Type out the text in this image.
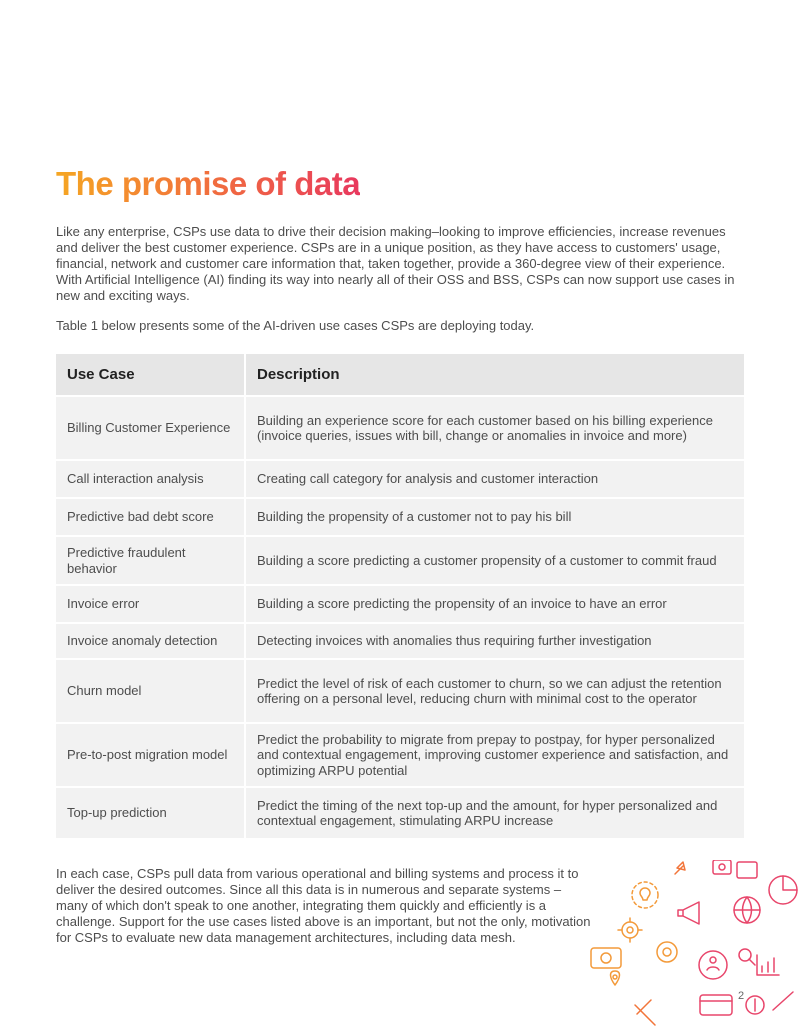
The promise of data

Like any enterprise, CSPs use data to drive their decision making–looking to improve efficiencies, increase revenues and deliver the best customer experience. CSPs are in a unique position, as they have access to customers' usage, financial, network and customer care information that, taken together, provide a 360-degree view of their experience. With Artificial Intelligence (AI) finding its way into nearly all of their OSS and BSS, CSPs can now support use cases in new and exciting ways.

Table 1 below presents some of the AI-driven use cases CSPs are deploying today.

Use Case	Description
Billing Customer Experience	Building an experience score for each customer based on his billing experience (invoice queries, issues with bill, change or anomalies in invoice and more)
Call interaction analysis	Creating call category for analysis and customer interaction
Predictive bad debt score	Building the propensity of a customer not to pay his bill
Predictive fraudulent behavior	Building a score predicting a customer propensity of a customer to commit fraud
Invoice error	Building a score predicting the propensity of an invoice to have an error
Invoice anomaly detection	Detecting invoices with anomalies thus requiring further investigation
Churn model	Predict the level of risk of each customer to churn, so we can adjust the retention offering on a personal level, reducing churn with minimal cost to the operator
Pre-to-post migration model	Predict the probability to migrate from prepay to postpay, for hyper personalized and contextual engagement, improving customer experience and satisfaction, and optimizing ARPU potential
Top-up prediction	Predict the timing of the next top-up and the amount, for hyper personalized and contextual engagement, stimulating ARPU increase

In each case, CSPs pull data from various operational and billing systems and process it to deliver the desired outcomes. Since all this data is in numerous and separate systems – many of which don't speak to one another, integrating them quickly and efficiently is a challenge. Support for the use cases listed above is an important, but not the only, motivation for CSPs to evaluate new data management architectures, including data mesh.

2
